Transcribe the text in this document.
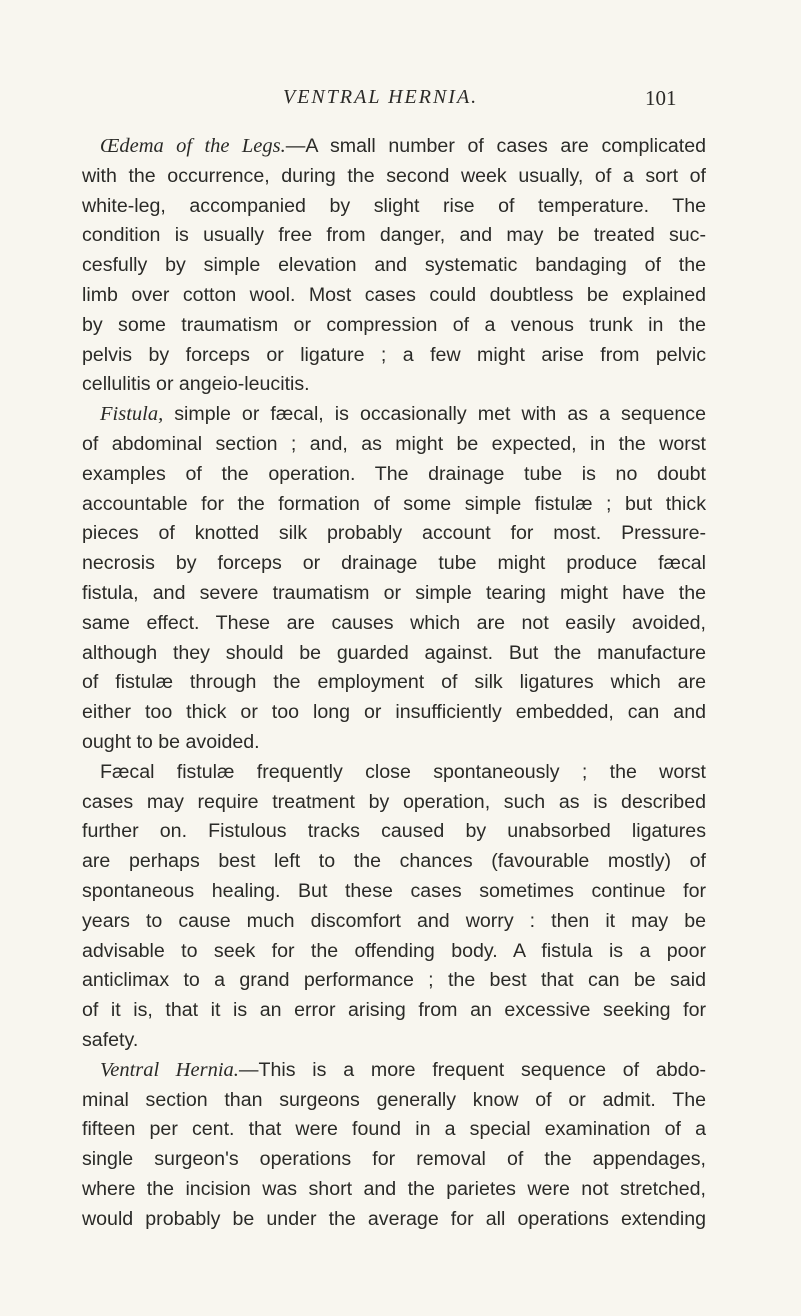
VENTRAL HERNIA.	101
Œdema of the Legs.—A small number of cases are complicated
with the occurrence, during the second week usually, of a sort of
white-leg, accompanied by slight rise of temperature. The
condition is usually free from danger, and may be treated suc-
cesfully by simple elevation and systematic bandaging of the
limb over cotton wool. Most cases could doubtless be explained
by some traumatism or compression of a venous trunk in the
pelvis by forceps or ligature ; a few might arise from pelvic
cellulitis or angeio-leucitis.
Fistula, simple or fæcal, is occasionally met with as a sequence
of abdominal section ; and, as might be expected, in the worst
examples of the operation. The drainage tube is no doubt
accountable for the formation of some simple fistulæ ; but thick
pieces of knotted silk probably account for most. Pressure-
necrosis by forceps or drainage tube might produce fæcal
fistula, and severe traumatism or simple tearing might have the
same effect. These are causes which are not easily avoided,
although they should be guarded against. But the manufacture
of fistulæ through the employment of silk ligatures which are
either too thick or too long or insufficiently embedded, can and
ought to be avoided.
Fæcal fistulæ frequently close spontaneously ; the worst
cases may require treatment by operation, such as is described
further on. Fistulous tracks caused by unabsorbed ligatures
are perhaps best left to the chances (favourable mostly) of
spontaneous healing. But these cases sometimes continue for
years to cause much discomfort and worry : then it may be
advisable to seek for the offending body. A fistula is a poor
anticlimax to a grand performance ; the best that can be said
of it is, that it is an error arising from an excessive seeking for
safety.
Ventral Hernia.—This is a more frequent sequence of abdo-
minal section than surgeons generally know of or admit. The
fifteen per cent. that were found in a special examination of a
single surgeon's operations for removal of the appendages,
where the incision was short and the parietes were not stretched,
would probably be under the average for all operations extending
